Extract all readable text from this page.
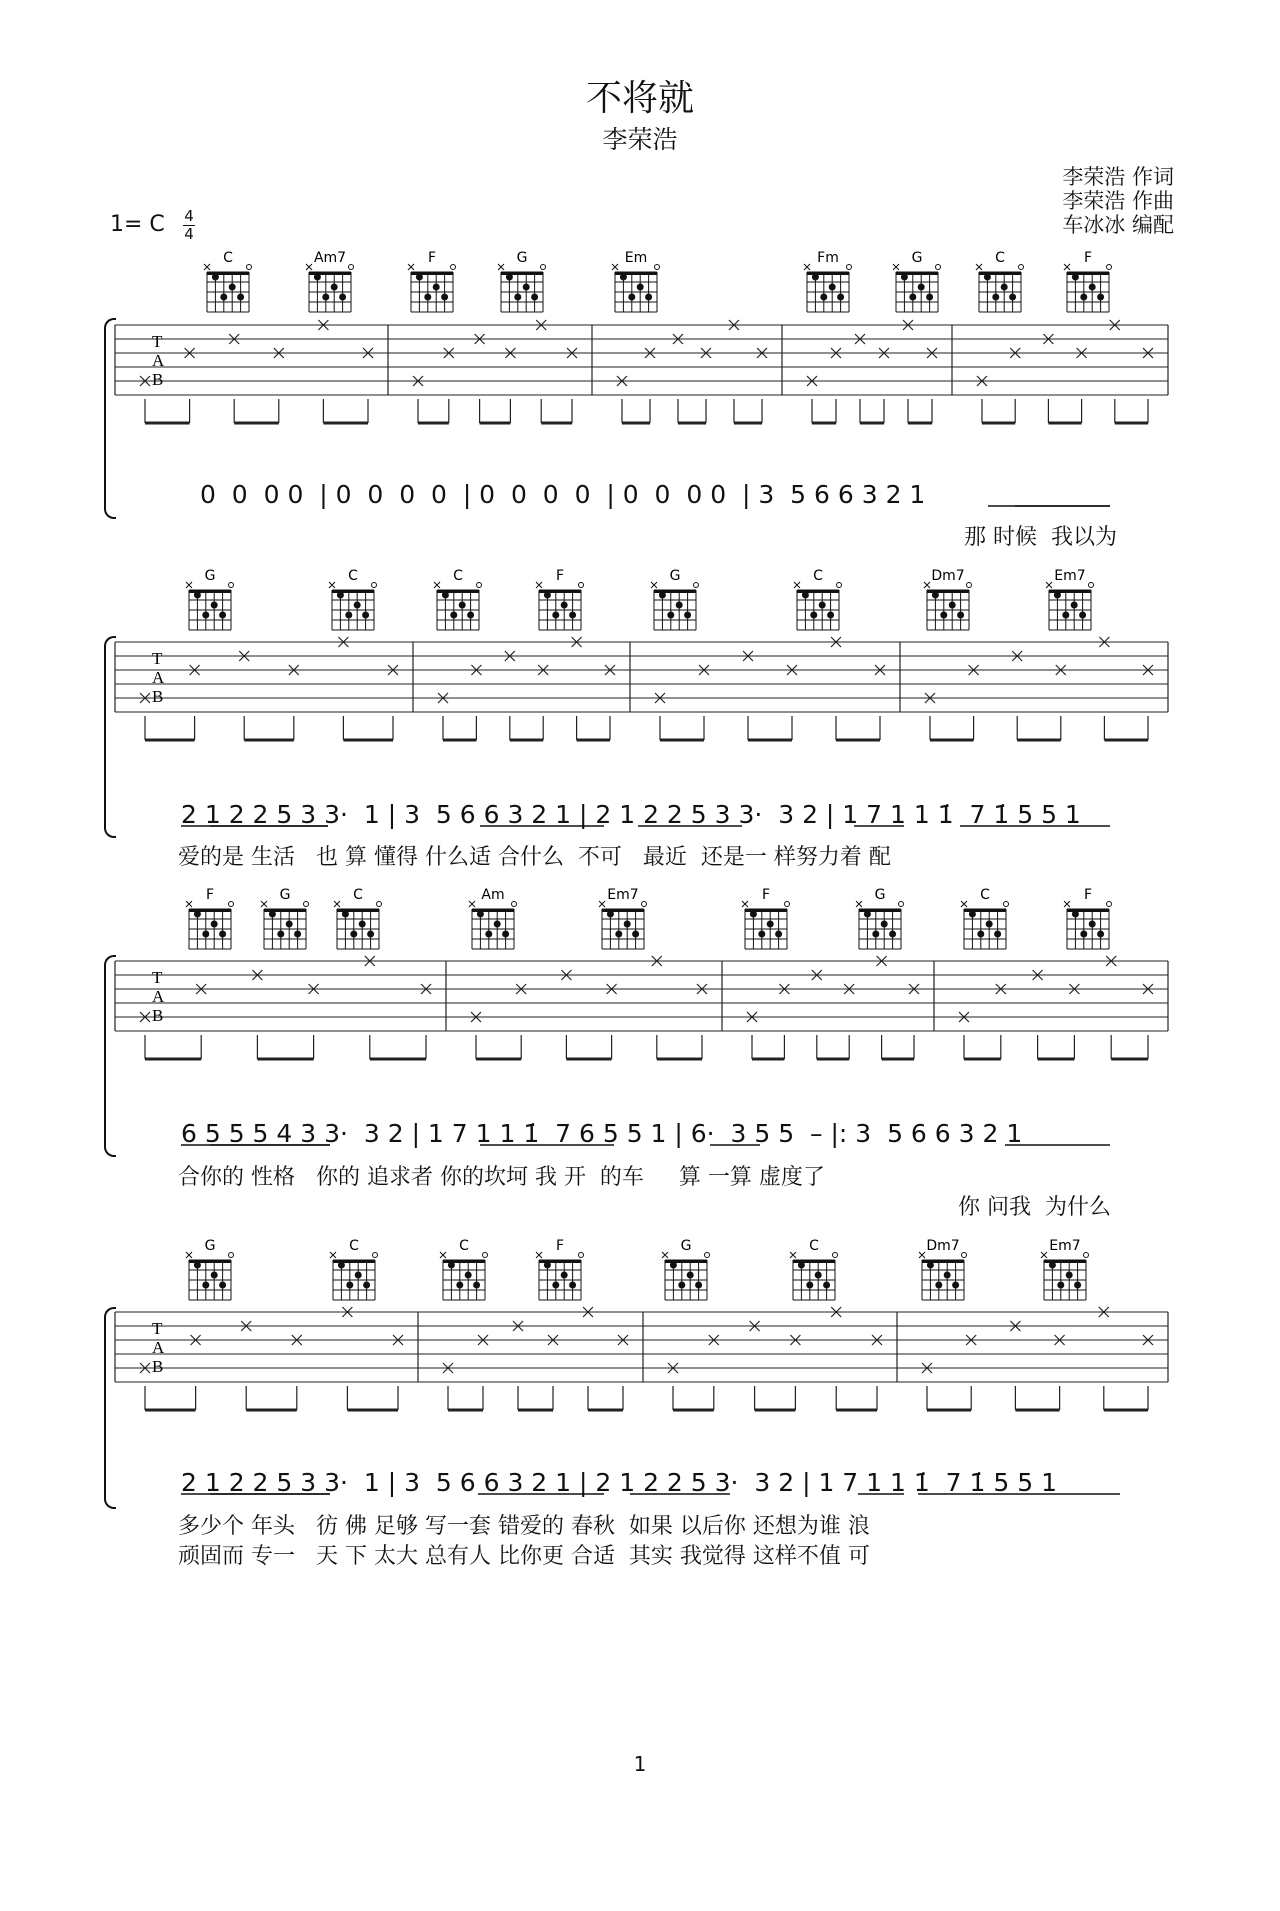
不将就
李荣浩
李荣浩 作词
李荣浩 作曲
车冰冰 编配
1= C 4
4
T
A
B
T
A
B
T
A
B
T
A
B
C	Am7	F	G	Em	Fm	G	C	F
G	C	C	F	G	C	Dm7	Em7
F	G	C	Am	Em7	F	G	C	F
G	C	C	F	G	C	Dm7	Em7
0  0  0 0  | 0  0  0  0  | 0  0  0  0  | 0  0  0 0  | 3  5 6 6 3 2 1
那 时候  我以为
2 1 2 2 5 3 3·  1 | 3  5 6 6 3 2 1 | 2 1 2 2 5 3 3·  3 2 | 1 7 1 1 1̇  7 1̇ 5 5 1
爱的是 生活   也 算 懂得 什么适 合什么  不可   最近  还是一 样努力着 配
6 5 5 5 4 3 3·  3 2 | 1 7 1 1 1̇  7 6 5 5 1 | 6·  3 5 5  – |: 3  5 6 6 3 2 1
合你的 性格   你的 追求者 你的坎坷 我 开  的车     算 一算 虚度了
你 问我  为什么
2 1 2 2 5 3 3·  1 | 3  5 6 6 3 2 1 | 2 1 2 2 5 3·  3 2 | 1 7 1 1 1̇  7 1̇ 5 5 1
多少个 年头   彷 佛 足够 写一套 错爱的 春秋  如果 以后你 还想为谁 浪
顽固而 专一   天 下 太大 总有人 比你更 合适  其实 我觉得 这样不值 可
1
